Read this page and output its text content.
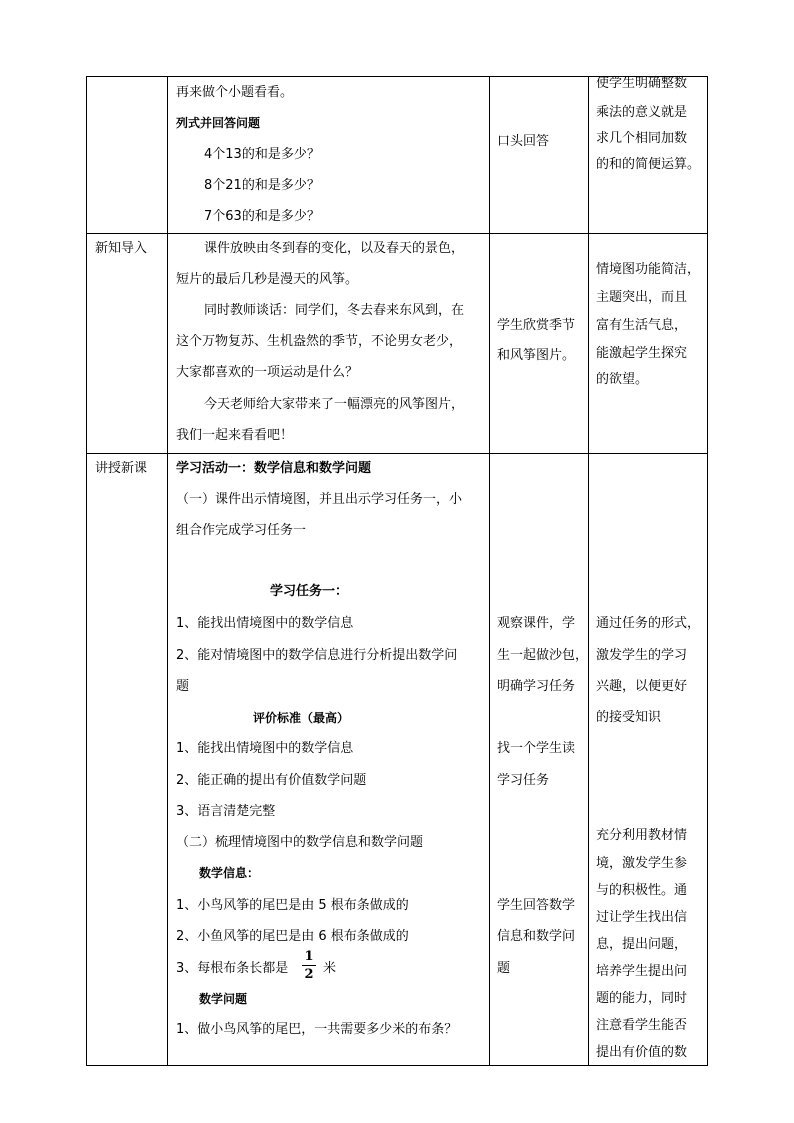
再来做个小题看看。
列式并回答问题
4个13的和是多少？
8个21的和是多少？
7个63的和是多少？
口头回答
使学生明确整数
乘法的意义就是
求几个相同加数
的和的简便运算。
新知导入	课件放映由冬到春的变化，以及春天的景色，
短片的最后几秒是漫天的风筝。
同时教师谈话：同学们，冬去春来东风到，在
这个万物复苏、生机盎然的季节，不论男女老少，
大家都喜欢的一项运动是什么？
今天老师给大家带来了一幅漂亮的风筝图片，
我们一起来看看吧！
学生欣赏季节
和风筝图片。
情境图功能简洁，
主题突出，而且
富有生活气息，
能激起学生探究
的欲望。
讲授新课 学习活动一：数学信息和数学问题
（一）课件出示情境图，并且出示学习任务一，小
组合作完成学习任务一
学习任务一：
1、能找出情境图中的数学信息
2、能对情境图中的数学信息进行分析提出数学问
题
评价标准（最高）
1、能找出情境图中的数学信息
2、能正确的提出有价值数学问题
3、语言清楚完整
（二）梳理情境图中的数学信息和数学问题
数学信息：
1、小鸟风筝的尾巴是由 5 根布条做成的
2、小鱼风筝的尾巴是由 6 根布条做成的
3、每根布条长都是
1
2 米
数学问题
1、做小鸟风筝的尾巴，一共需要多少米的布条？
观察课件，学
生一起做沙包，
明确学习任务
找一个学生读
学习任务
学生回答数学
信息和数学问
题
通过任务的形式，
激发学生的学习
兴趣，以便更好
的接受知识
充分利用教材情
境，激发学生参
与的积极性。通
过让学生找出信
息，提出问题，
培养学生提出问
题的能力，同时
注意看学生能否
提出有价值的数
